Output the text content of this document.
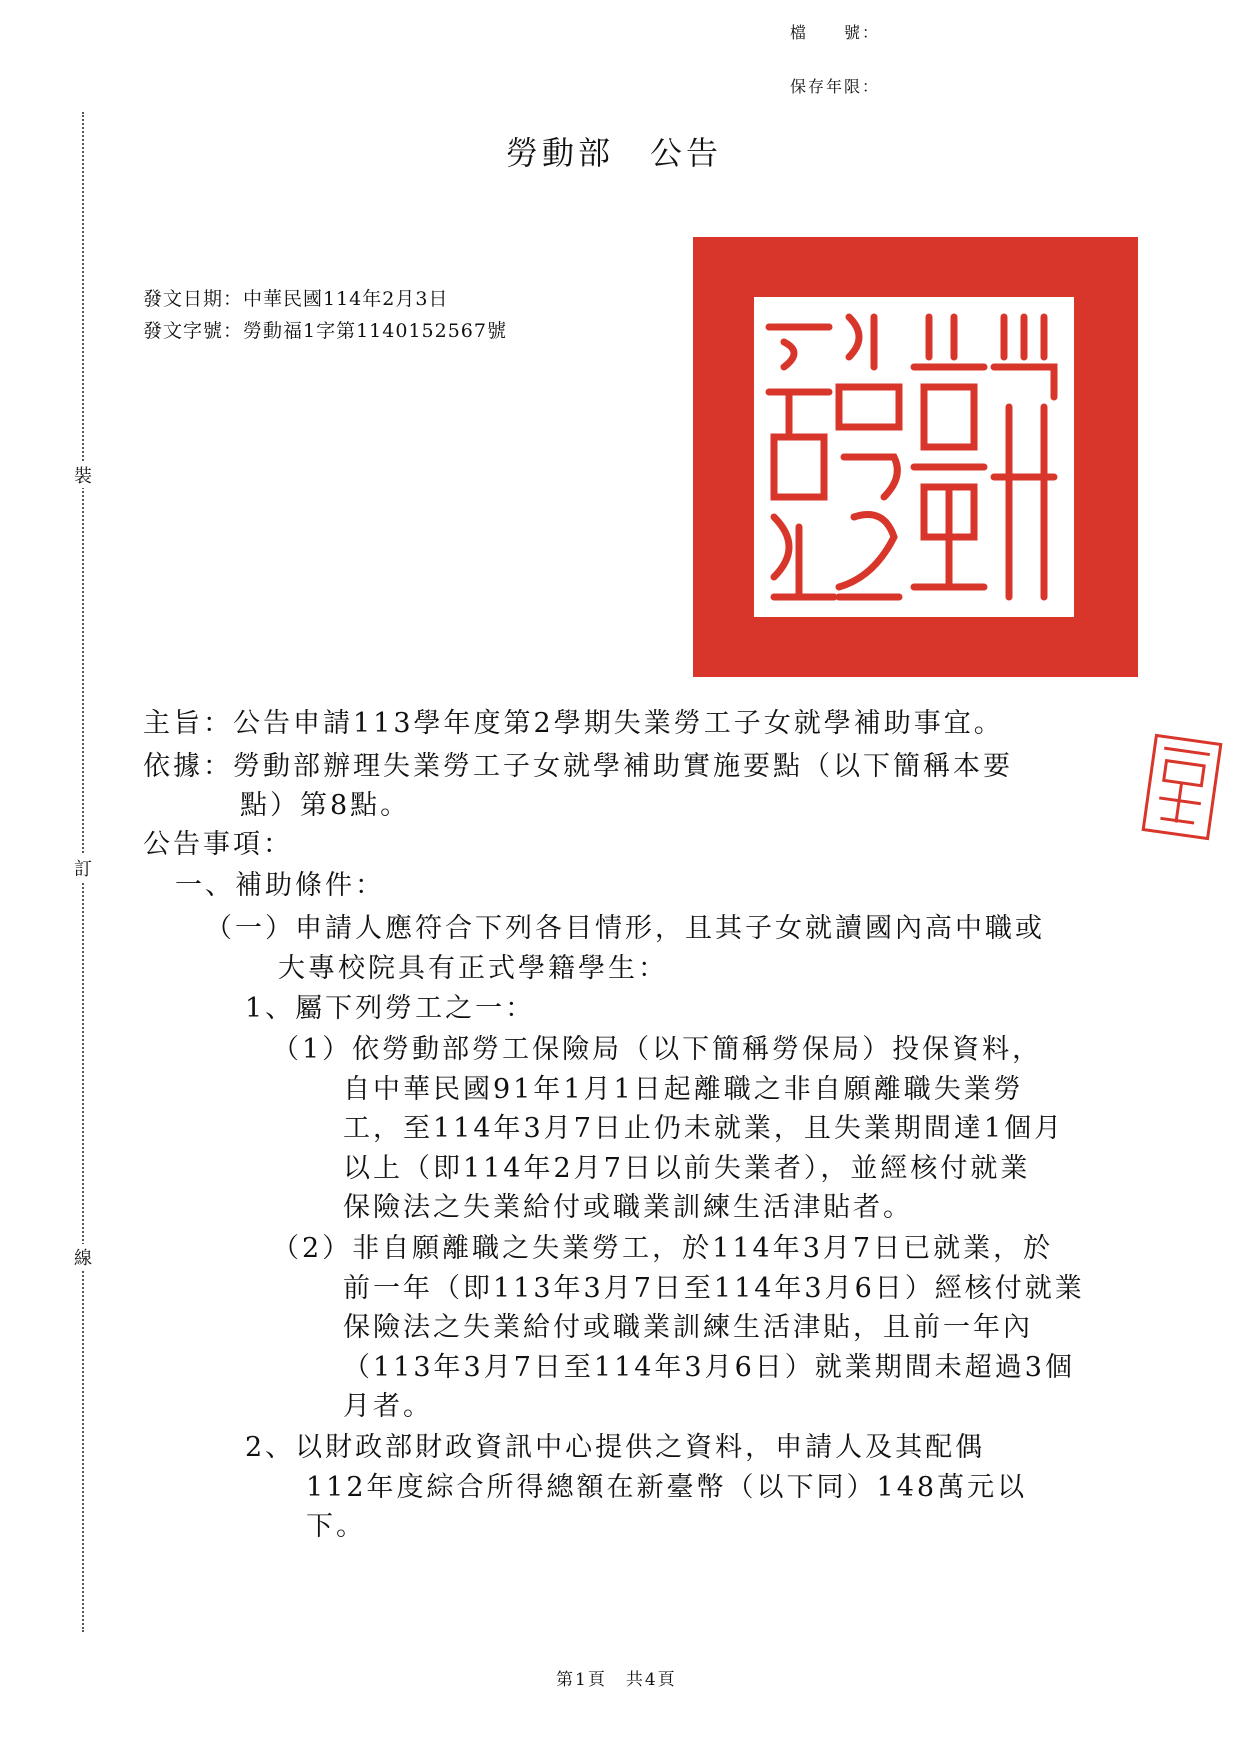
檔　　號：
保存年限：
裝
訂
線
勞動部　公告
發文日期：中華民國114年2月3日
發文字號：勞動福1字第1140152567號
主旨：公告申請113學年度第2學期失業勞工子女就學補助事宜。
依據：勞動部辦理失業勞工子女就學補助實施要點（以下簡稱本要
點）第8點。
公告事項：
一、補助條件：
（一）申請人應符合下列各目情形，且其子女就讀國內高中職或
大專校院具有正式學籍學生：
1、屬下列勞工之一：
（1）依勞動部勞工保險局（以下簡稱勞保局）投保資料，
自中華民國91年1月1日起離職之非自願離職失業勞
工，至114年3月7日止仍未就業，且失業期間達1個月
以上（即114年2月7日以前失業者），並經核付就業
保險法之失業給付或職業訓練生活津貼者。
（2）非自願離職之失業勞工，於114年3月7日已就業，於
前一年（即113年3月7日至114年3月6日）經核付就業
保險法之失業給付或職業訓練生活津貼，且前一年內
（113年3月7日至114年3月6日）就業期間未超過3個
月者。
2、以財政部財政資訊中心提供之資料，申請人及其配偶
112年度綜合所得總額在新臺幣（以下同）148萬元以
下。
第1頁　共4頁
